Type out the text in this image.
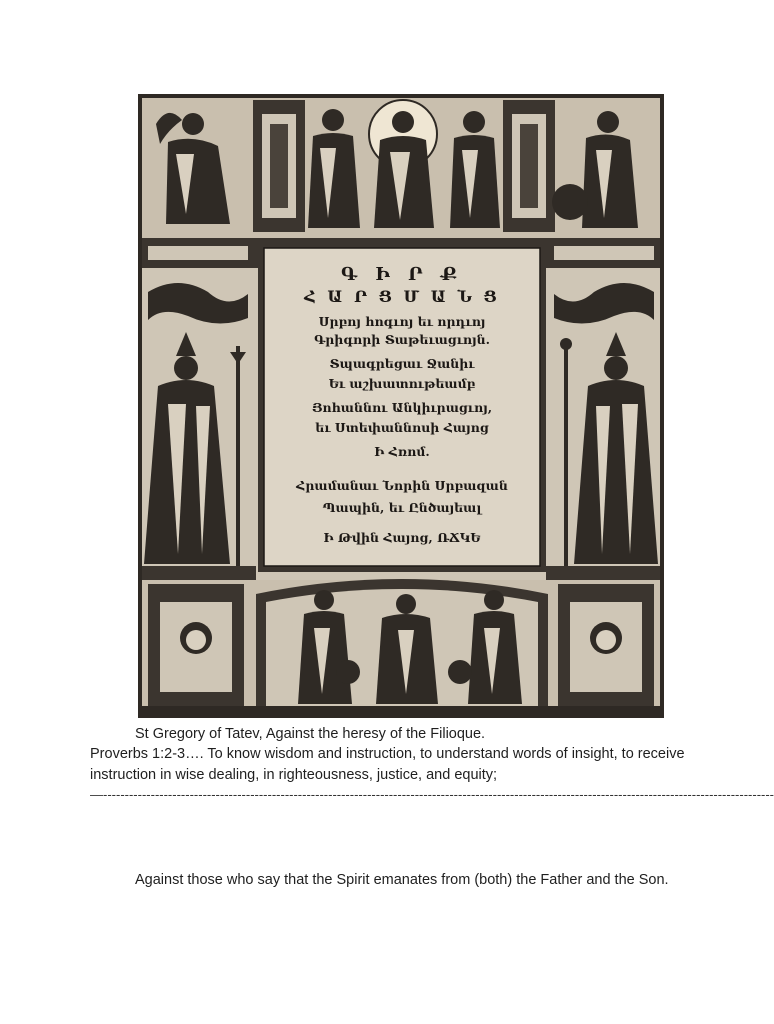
Գ Ի Ր Ք
Հ Ա Ր Ց Մ Ա Ն Ց
Սրբոյ հոգւոյ եւ որդւոյ
Գրիգորի Տաթեւացւոյն.
Տպագրեցաւ Ջանիւ
Եւ աշխատութեամբ
Յոհաննու Անկիւրացւոյ,
եւ Ստեփաննոսի Հայոց
Ի Հռոմ.
Հրամանաւ Նորին Սրբազան
Պապին, եւ Ընծայեալ
Ի Թվին Հայոց, ՌՃԿԵ
St Gregory of Tatev, Against the heresy of the Filioque.
Proverbs 1:2-3…. To know wisdom and instruction, to understand words of insight, to receive instruction in wise dealing, in righteousness, justice, and equity;
—-----------------------------------------------------------------------------------------------------------------------------------------------------------
Against those who say that the Spirit emanates from (both) the Father and the Son.
